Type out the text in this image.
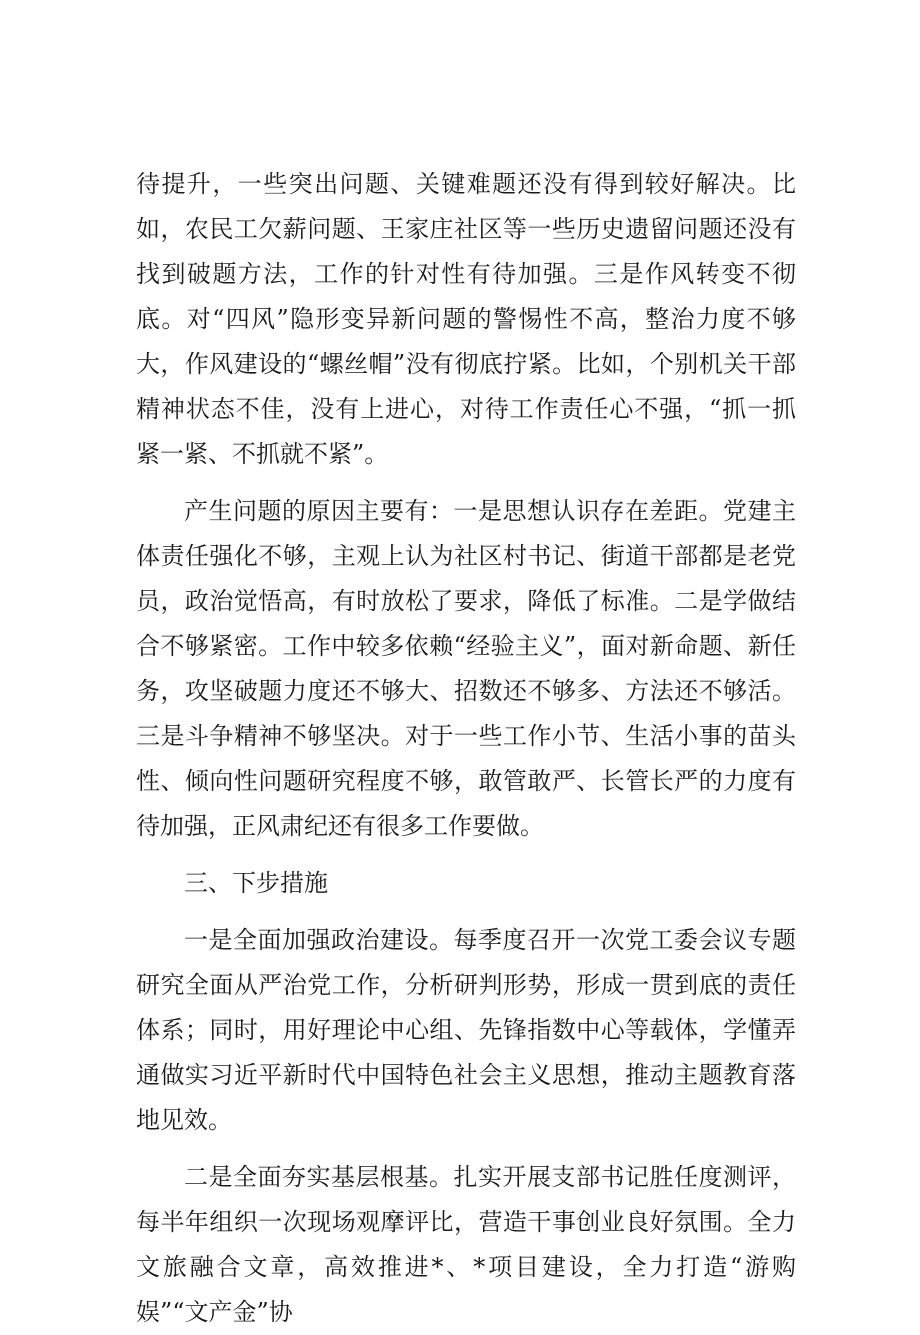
待提升，一些突出问题、关键难题还没有得到较好解决。比如，农民工欠薪问题、王家庄社区等一些历史遗留问题还没有找到破题方法，工作的针对性有待加强。三是作风转变不彻底。对“四风”隐形变异新问题的警惕性不高，整治力度不够大，作风建设的“螺丝帽”没有彻底拧紧。比如，个别机关干部精神状态不佳，没有上进心，对待工作责任心不强，“抓一抓紧一紧、不抓就不紧”。

产生问题的原因主要有：一是思想认识存在差距。党建主体责任强化不够，主观上认为社区村书记、街道干部都是老党员，政治觉悟高，有时放松了要求，降低了标准。二是学做结合不够紧密。工作中较多依赖“经验主义”，面对新命题、新任务，攻坚破题力度还不够大、招数还不够多、方法还不够活。三是斗争精神不够坚决。对于一些工作小节、生活小事的苗头性、倾向性问题研究程度不够，敢管敢严、长管长严的力度有待加强，正风肃纪还有很多工作要做。

三、下步措施

一是全面加强政治建设。每季度召开一次党工委会议专题研究全面从严治党工作，分析研判形势，形成一贯到底的责任体系；同时，用好理论中心组、先锋指数中心等载体，学懂弄通做实习近平新时代中国特色社会主义思想，推动主题教育落地见效。

二是全面夯实基层根基。扎实开展支部书记胜任度测评，每半年组织一次现场观摩评比，营造干事创业良好氛围。全力文旅融合文章，高效推进*、*项目建设，全力打造“游购娱”“文产金”协
